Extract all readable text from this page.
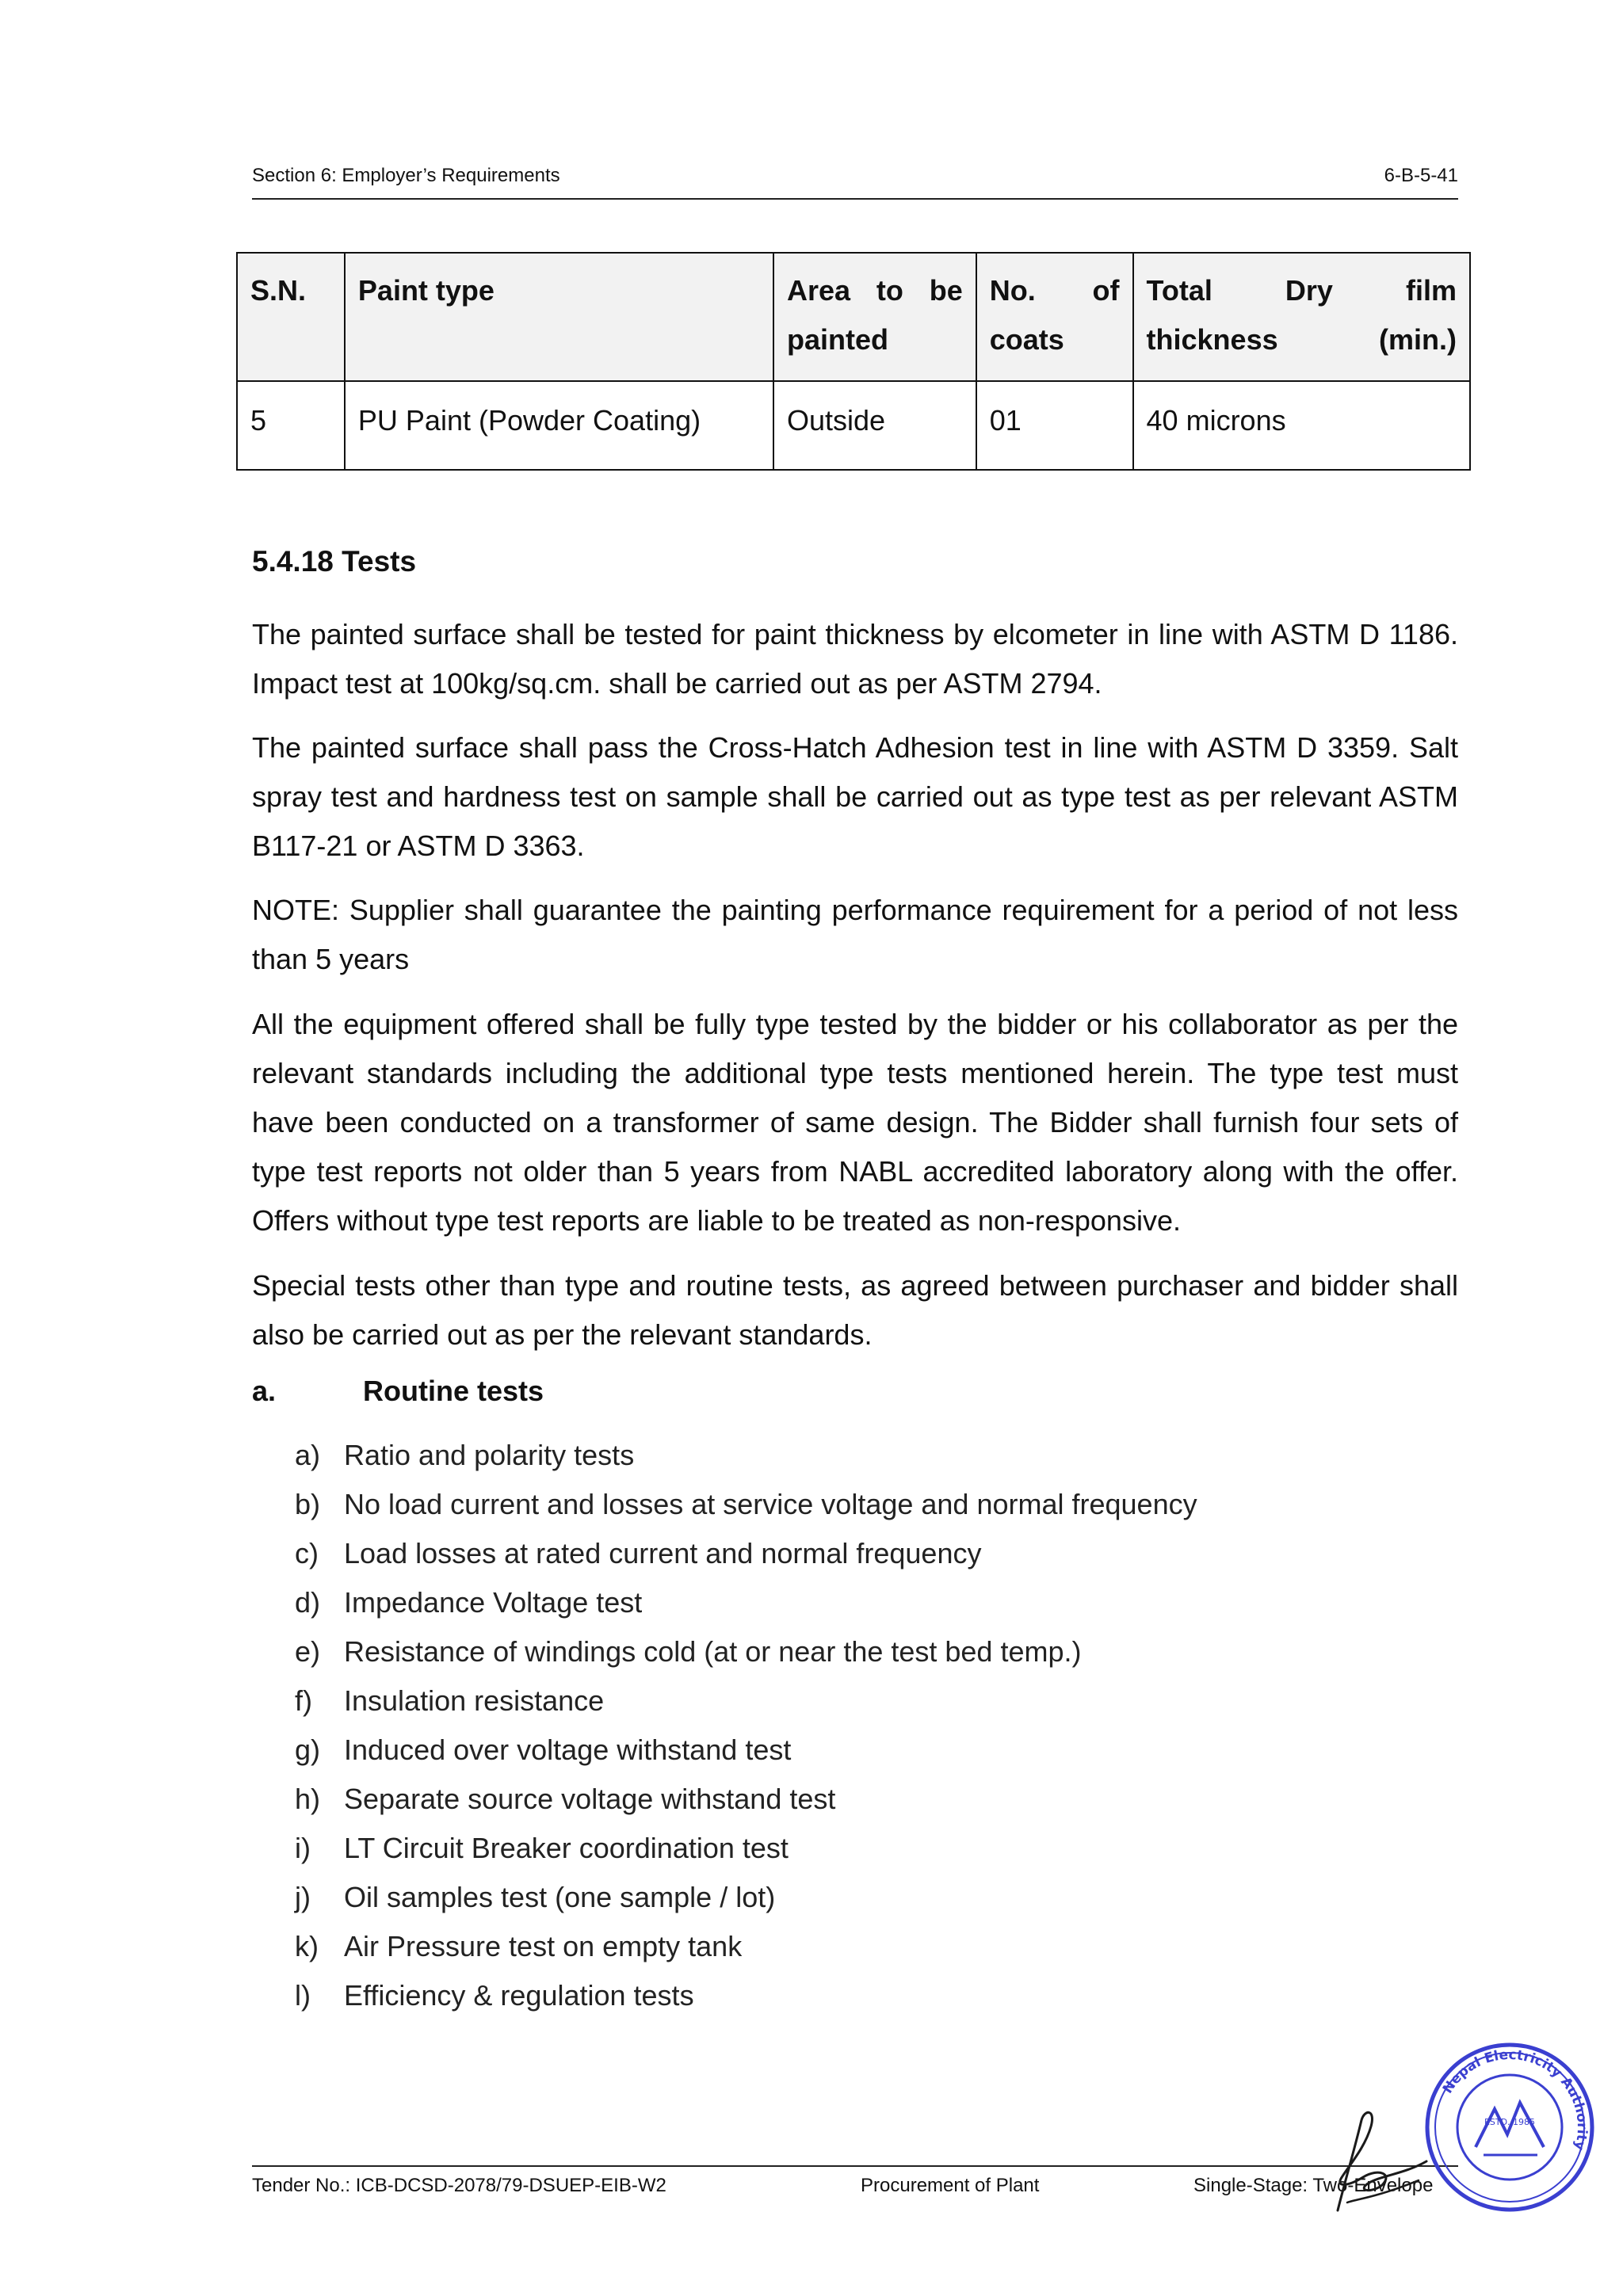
Section 6: Employer’s Requirements	6-B-5-41
S.N.	Paint type	Area to be painted	No. of coats	Total Dry film thickness (min.)
5	PU Paint (Powder Coating)	Outside	01	40 microns
5.4.18 Tests

The painted surface shall be tested for paint thickness by elcometer in line with ASTM D 1186. Impact test at 100kg/sq.cm. shall be carried out as per ASTM 2794.

The painted surface shall pass the Cross-Hatch Adhesion test in line with ASTM D 3359. Salt spray test and hardness test on sample shall be carried out as type test as per relevant ASTM B117-21 or ASTM D 3363.

NOTE: Supplier shall guarantee the painting performance requirement for a period of not less than 5 years

All the equipment offered shall be fully type tested by the bidder or his collaborator as per the relevant standards including the additional type tests mentioned herein. The type test must have been conducted on a transformer of same design. The Bidder shall furnish four sets of type test reports not older than 5 years from NABL accredited laboratory along with the offer. Offers without type test reports are liable to be treated as non-responsive.

Special tests other than type and routine tests, as agreed between purchaser and bidder shall also be carried out as per the relevant standards.

a.	Routine tests
a) Ratio and polarity tests
b) No load current and losses at service voltage and normal frequency
c) Load losses at rated current and normal frequency
d) Impedance Voltage test
e) Resistance of windings cold (at or near the test bed temp.)
f) Insulation resistance
g) Induced over voltage withstand test
h) Separate source voltage withstand test
i) LT Circuit Breaker coordination test
j) Oil samples test (one sample / lot)
k) Air Pressure test on empty tank
l) Efficiency & regulation tests
Tender No.: ICB-DCSD-2078/79-DSUEP-EIB-W2	Procurement of Plant	Single-Stage: Two-Envelope
Nepal Electricity Authority
ESTD. 1985
